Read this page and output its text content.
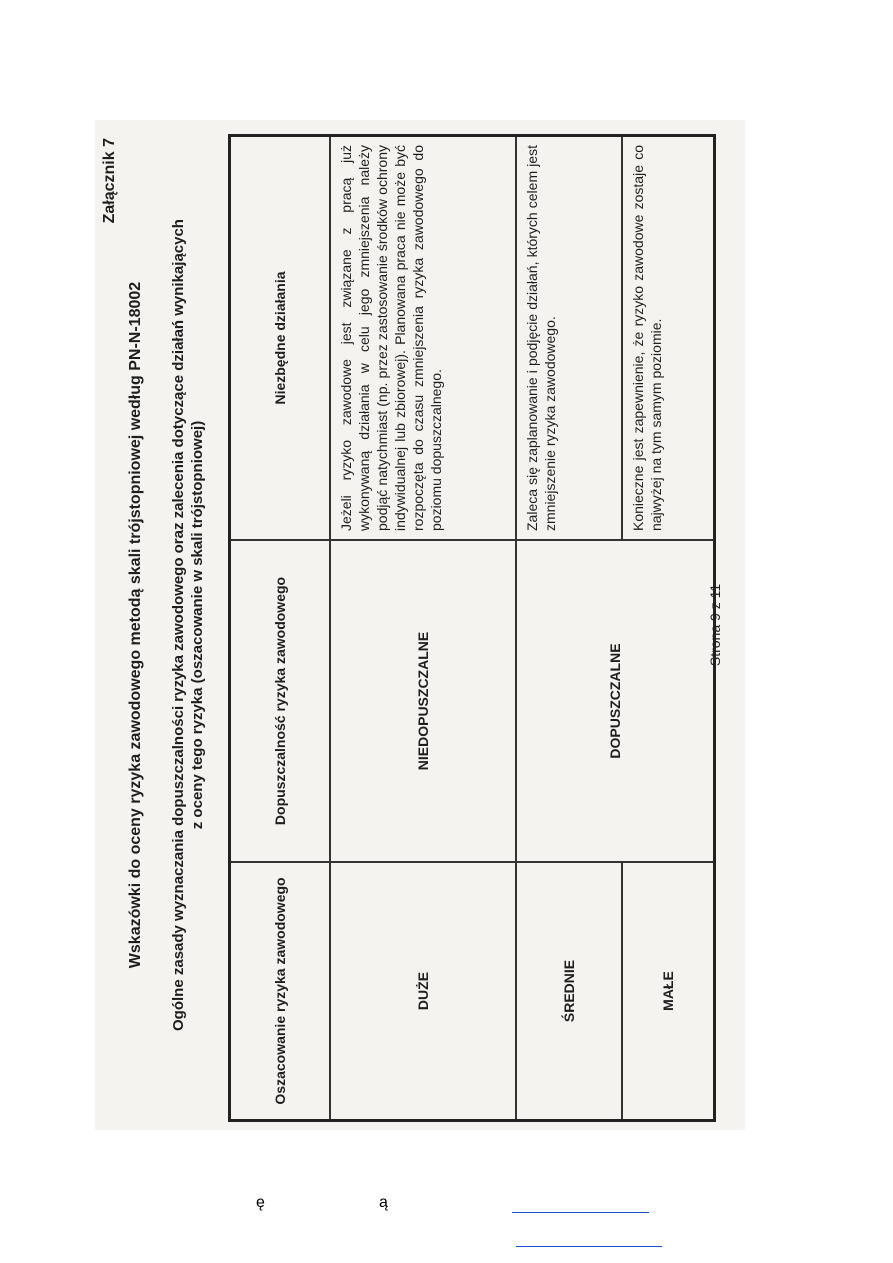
Załącznik 7
Wskazówki do oceny ryzyka zawodowego metodą skali trójstopniowej według PN-N-18002 Ogólne zasady wyznaczania dopuszczalności ryzyka zawodowego oraz zalecenia dotyczące działań wynikających z oceny tego ryzyka (oszacowanie w skali trójstopniowej)
Oszacowanie ryzyka zawodowego	Dopuszczalność ryzyka zawodowego	Niezbędne działania
DUŻE	NIEDOPUSZCZALNE	Jeżeli ryzyko zawodowe jest związane z pracą już wykonywaną działania w celu jego zmniejszenia należy podjąć natychmiast (np. przez zastosowanie środków ochrony indywidualnej lub zbiorowej). Planowana praca nie może być rozpoczęta do czasu zmniejszenia ryzyka zawodowego do poziomu dopuszczalnego.
ŚREDNIE	DOPUSZCZALNE	Zaleca się zaplanowanie i podjęcie działań, których celem jest zmniejszenie ryzyka zawodowego.
MAŁE		Konieczne jest zapewnienie, że ryzyko zawodowe zostaje co najwyżej na tym samym poziomie.
Strona 9 z 11
ę	ą
